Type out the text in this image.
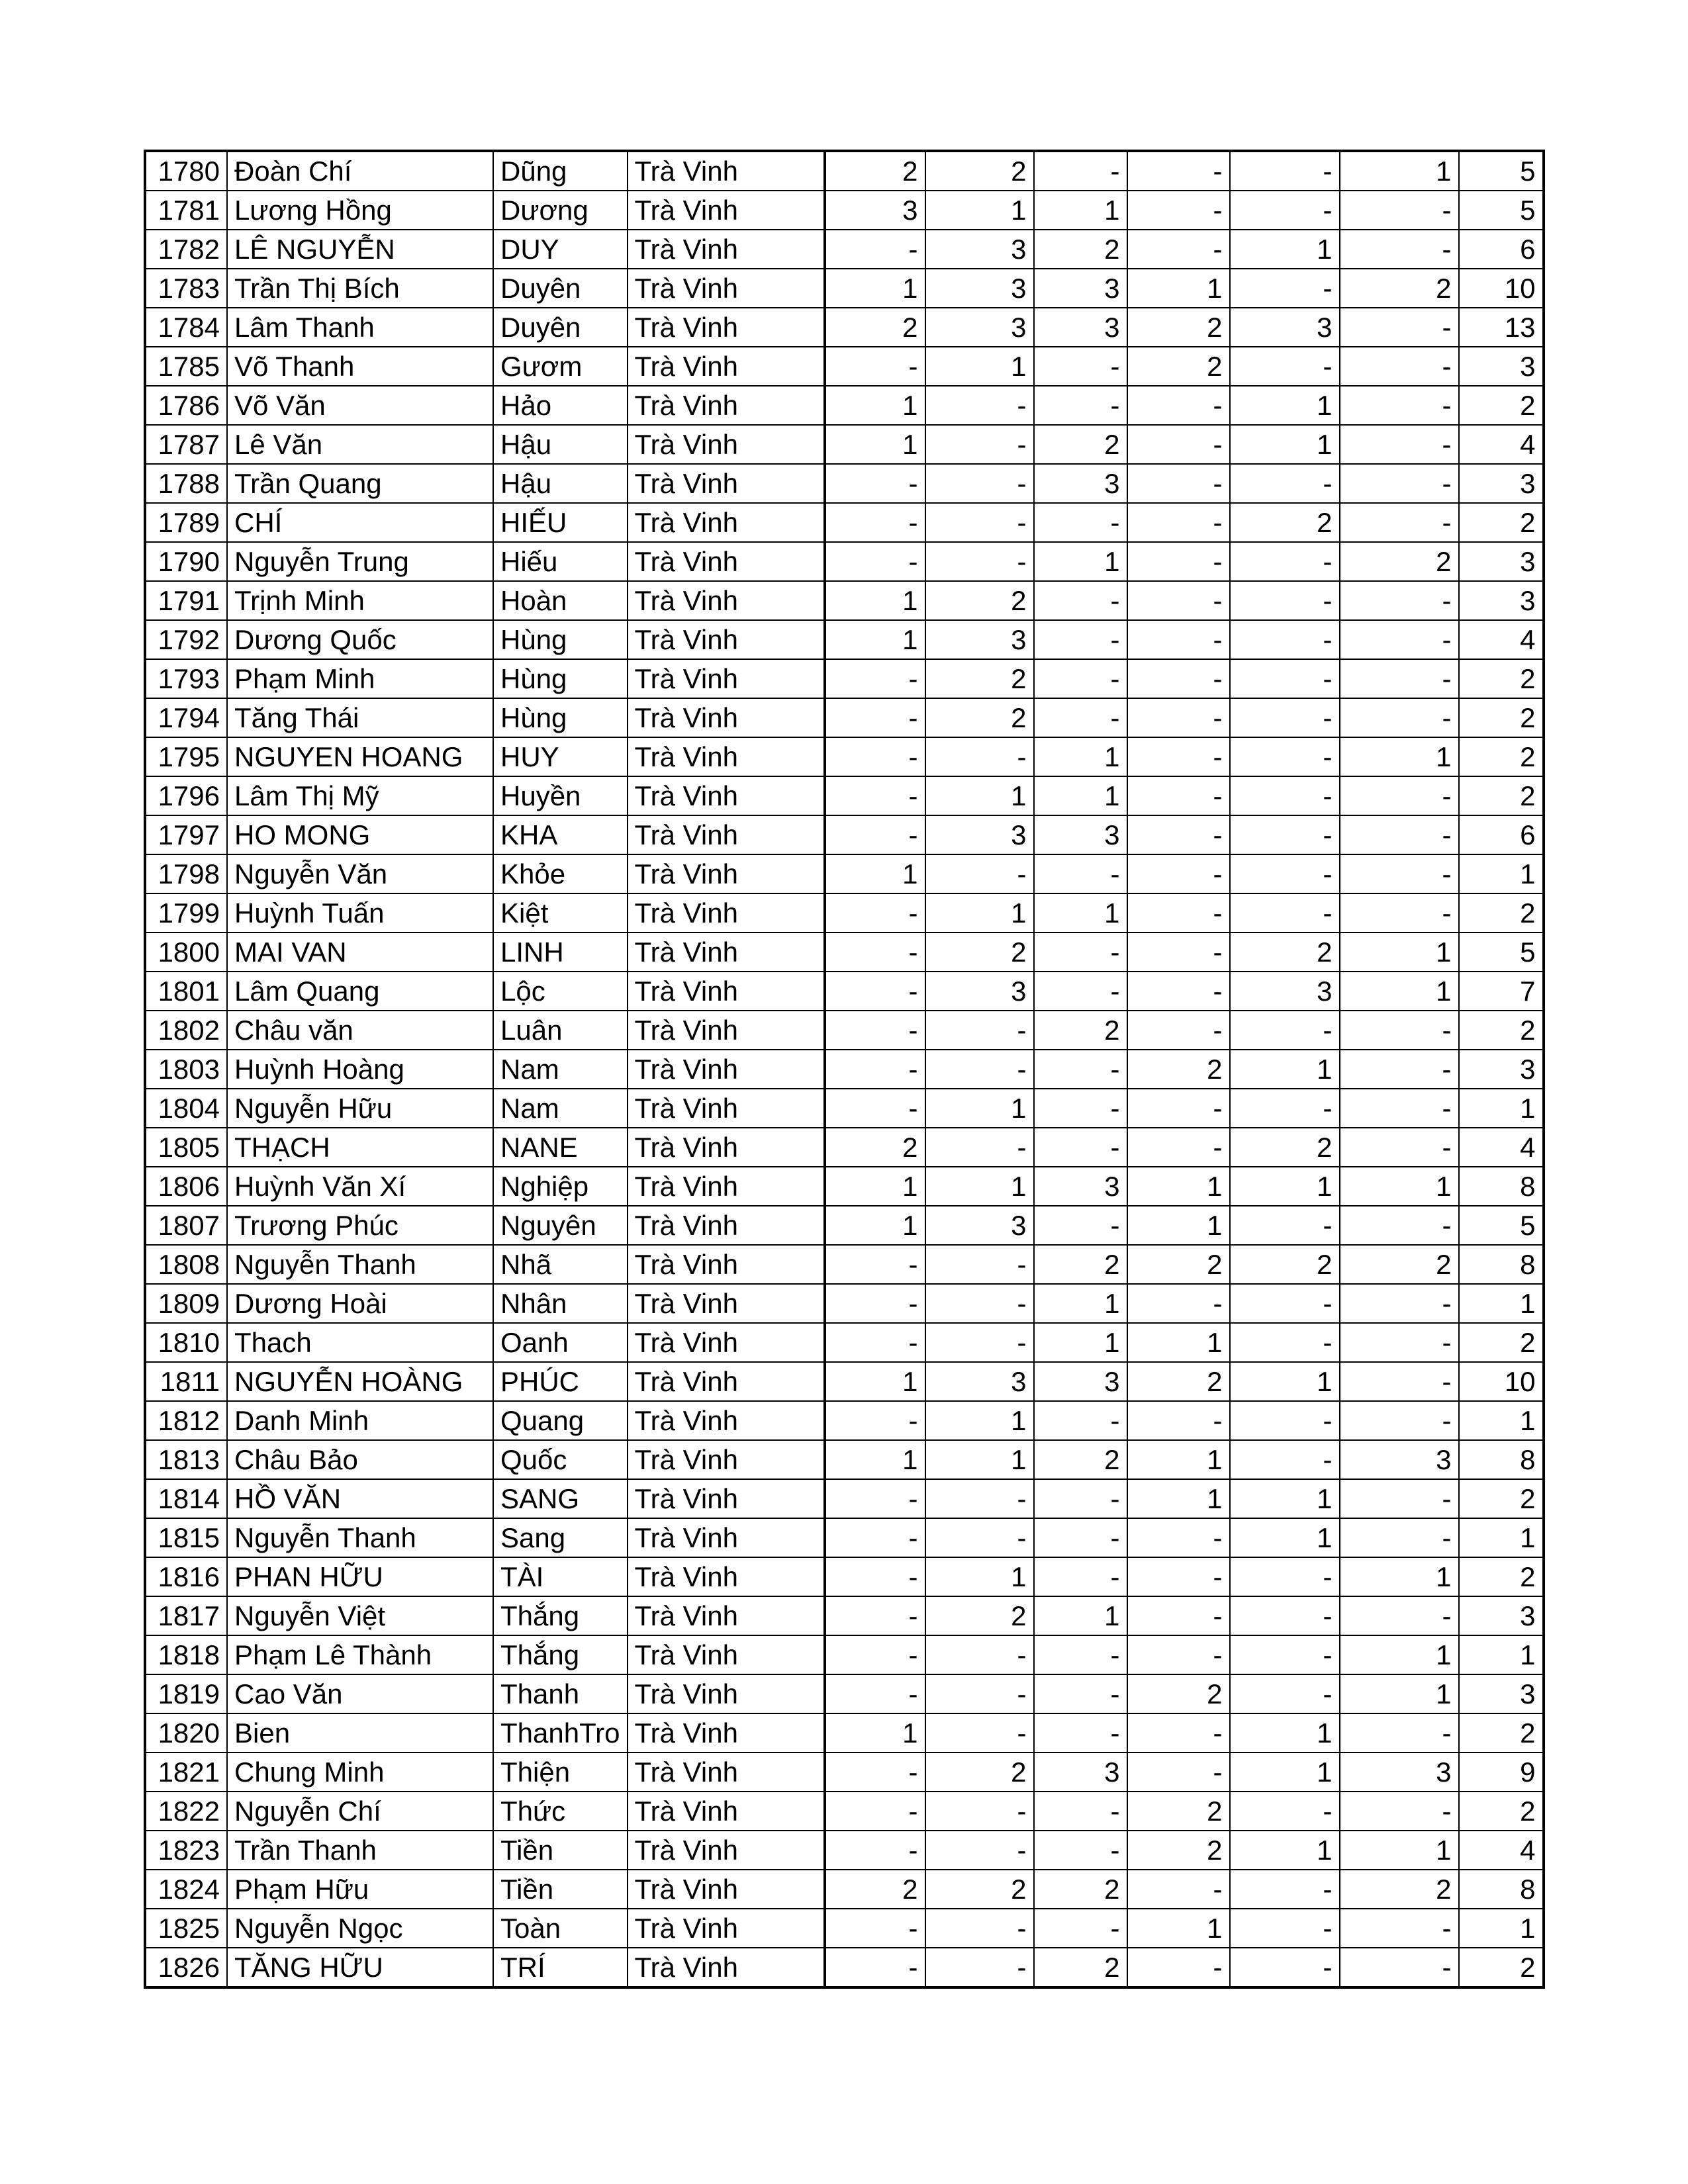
1780	Đoàn Chí	Dũng	Trà Vinh	2	2	-	-	-	1	5
1781	Lương Hồng	Dương	Trà Vinh	3	1	1	-	-	-	5
1782	LÊ NGUYỄN	DUY	Trà Vinh	-	3	2	-	1	-	6
1783	Trần Thị Bích	Duyên	Trà Vinh	1	3	3	1	-	2	10
1784	Lâm Thanh	Duyên	Trà Vinh	2	3	3	2	3	-	13
1785	Võ Thanh	Gươm	Trà Vinh	-	1	-	2	-	-	3
1786	Võ Văn	Hảo	Trà Vinh	1	-	-	-	1	-	2
1787	Lê Văn	Hậu	Trà Vinh	1	-	2	-	1	-	4
1788	Trần Quang	Hậu	Trà Vinh	-	-	3	-	-	-	3
1789	CHÍ	HIẾU	Trà Vinh	-	-	-	-	2	-	2
1790	Nguyễn Trung	Hiếu	Trà Vinh	-	-	1	-	-	2	3
1791	Trịnh Minh	Hoàn	Trà Vinh	1	2	-	-	-	-	3
1792	Dương Quốc	Hùng	Trà Vinh	1	3	-	-	-	-	4
1793	Phạm Minh	Hùng	Trà Vinh	-	2	-	-	-	-	2
1794	Tăng Thái	Hùng	Trà Vinh	-	2	-	-	-	-	2
1795	NGUYEN HOANG	HUY	Trà Vinh	-	-	1	-	-	1	2
1796	Lâm Thị Mỹ	Huyền	Trà Vinh	-	1	1	-	-	-	2
1797	HO MONG	KHA	Trà Vinh	-	3	3	-	-	-	6
1798	Nguyễn Văn	Khỏe	Trà Vinh	1	-	-	-	-	-	1
1799	Huỳnh Tuấn	Kiệt	Trà Vinh	-	1	1	-	-	-	2
1800	MAI VAN	LINH	Trà Vinh	-	2	-	-	2	1	5
1801	Lâm Quang	Lộc	Trà Vinh	-	3	-	-	3	1	7
1802	Châu văn	Luân	Trà Vinh	-	-	2	-	-	-	2
1803	Huỳnh Hoàng	Nam	Trà Vinh	-	-	-	2	1	-	3
1804	Nguyễn Hữu	Nam	Trà Vinh	-	1	-	-	-	-	1
1805	THẠCH	NANE	Trà Vinh	2	-	-	-	2	-	4
1806	Huỳnh Văn Xí	Nghiệp	Trà Vinh	1	1	3	1	1	1	8
1807	Trương Phúc	Nguyên	Trà Vinh	1	3	-	1	-	-	5
1808	Nguyễn Thanh	Nhã	Trà Vinh	-	-	2	2	2	2	8
1809	Dương Hoài	Nhân	Trà Vinh	-	-	1	-	-	-	1
1810	Thach	Oanh	Trà Vinh	-	-	1	1	-	-	2
1811	NGUYỄN HOÀNG	PHÚC	Trà Vinh	1	3	3	2	1	-	10
1812	Danh Minh	Quang	Trà Vinh	-	1	-	-	-	-	1
1813	Châu Bảo	Quốc	Trà Vinh	1	1	2	1	-	3	8
1814	HỒ VĂN	SANG	Trà Vinh	-	-	-	1	1	-	2
1815	Nguyễn Thanh	Sang	Trà Vinh	-	-	-	-	1	-	1
1816	PHAN HỮU	TÀI	Trà Vinh	-	1	-	-	-	1	2
1817	Nguyễn Việt	Thắng	Trà Vinh	-	2	1	-	-	-	3
1818	Phạm Lê Thành	Thắng	Trà Vinh	-	-	-	-	-	1	1
1819	Cao Văn	Thanh	Trà Vinh	-	-	-	2	-	1	3
1820	Bien	ThanhTro	Trà Vinh	1	-	-	-	1	-	2
1821	Chung Minh	Thiện	Trà Vinh	-	2	3	-	1	3	9
1822	Nguyễn Chí	Thức	Trà Vinh	-	-	-	2	-	-	2
1823	Trần Thanh	Tiền	Trà Vinh	-	-	-	2	1	1	4
1824	Phạm Hữu	Tiền	Trà Vinh	2	2	2	-	-	2	8
1825	Nguyễn Ngọc	Toàn	Trà Vinh	-	-	-	1	-	-	1
1826	TĂNG HỮU	TRÍ	Trà Vinh	-	-	2	-	-	-	2
